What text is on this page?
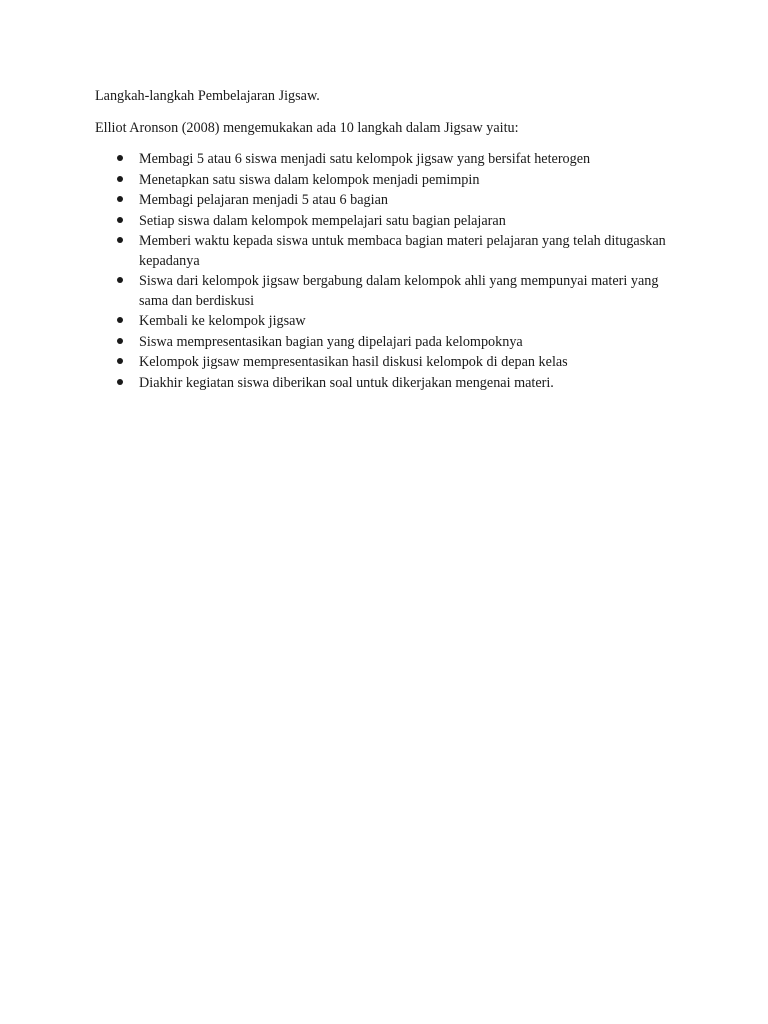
Langkah-langkah Pembelajaran Jigsaw.

Elliot Aronson (2008) mengemukakan ada 10 langkah dalam Jigsaw yaitu:

Membagi 5 atau 6 siswa menjadi satu kelompok jigsaw yang bersifat heterogen
Menetapkan satu siswa dalam kelompok menjadi pemimpin
Membagi pelajaran menjadi 5 atau 6 bagian
Setiap siswa dalam kelompok mempelajari satu bagian pelajaran
Memberi waktu kepada siswa untuk membaca bagian materi pelajaran yang telah ditugaskan kepadanya
Siswa dari kelompok jigsaw bergabung dalam kelompok ahli yang mempunyai materi yang sama dan berdiskusi
Kembali ke kelompok jigsaw
Siswa mempresentasikan bagian yang dipelajari pada kelompoknya
Kelompok jigsaw mempresentasikan hasil diskusi kelompok di depan kelas
Diakhir kegiatan siswa diberikan soal untuk dikerjakan mengenai materi.
